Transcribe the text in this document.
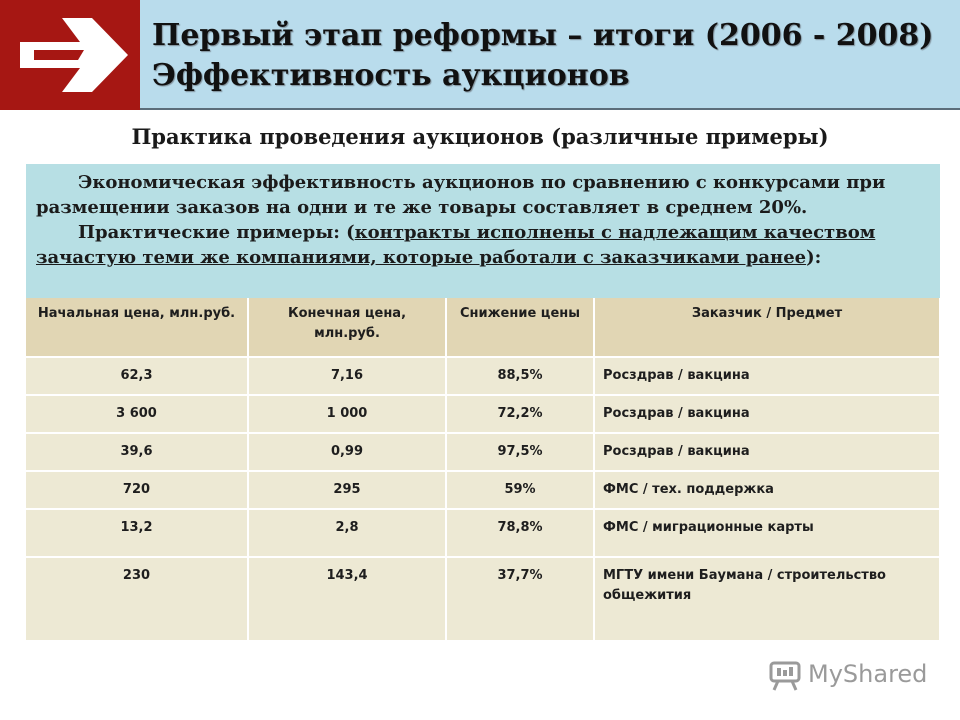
Первый этап реформы – итоги (2006 - 2008)
Эффективность аукционов
Практика проведения аукционов (различные примеры)

Экономическая эффективность аукционов по сравнению с конкурсами при размещении заказов на одни и те же товары составляет в среднем 20%.

Практические примеры: (контракты исполнены с надлежащим качеством зачастую теми же компаниями, которые работали с заказчиками ранее):

Начальная цена, млн.руб.	Конечная цена, млн.руб.	Снижение цены	Заказчик / Предмет
62,3	7,16	88,5%	Росздрав / вакцина
3 600	1 000	72,2%	Росздрав / вакцина
39,6	0,99	97,5%	Росздрав / вакцина
720	295	59%	ФМС / тех. поддержка
13,2	2,8	78,8%	ФМС / миграционные карты
230	143,4	37,7%	МГТУ имени Баумана / строительство общежития
MyShared
